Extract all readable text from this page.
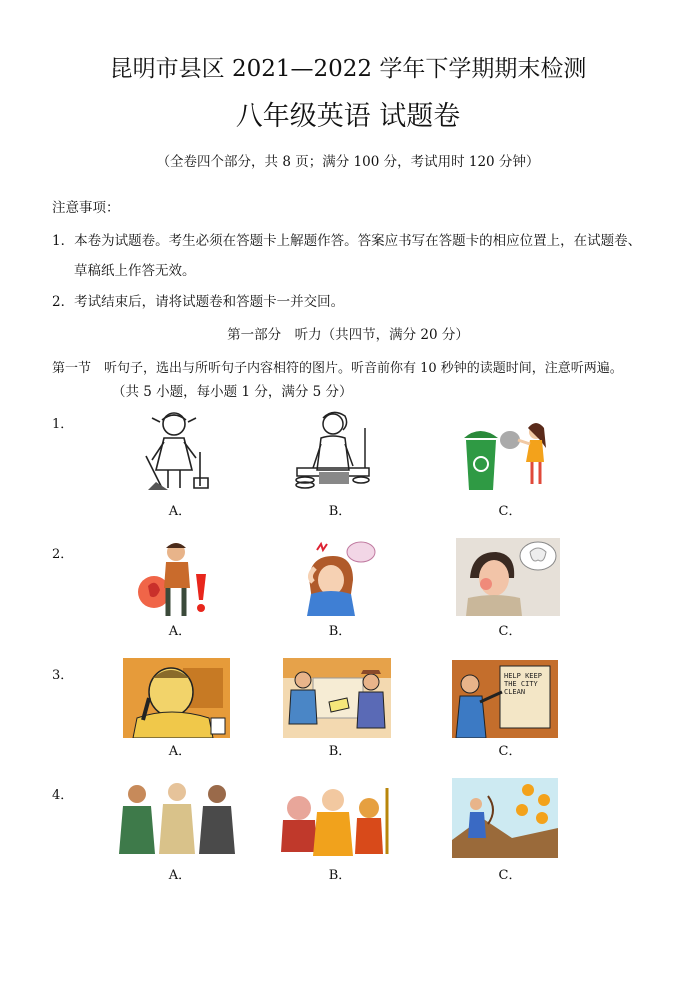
昆明市县区 2021—2022 学年下学期期末检测
八年级英语 试题卷
（全卷四个部分，共 8 页；满分 100 分，考试用时 120 分钟）
注意事项：
1．本卷为试题卷。考生必须在答题卡上解题作答。答案应书写在答题卡的相应位置上，在试题卷、
草稿纸上作答无效。
2．考试结束后，请将试题卷和答题卡一并交回。
第一部分　听力（共四节，满分 20 分）
第一节　听句子，选出与所听句子内容相符的图片。听音前你有 10 秒钟的读题时间，注意听两遍。
（共 5 小题，每小题 1 分，满分 5 分）
1．
2．
3．
4．
A．	B．	C．
A．	B．	C．
A．	B．
HELP KEEP THE CITY CLEAN
C．
A．	B．	C．
